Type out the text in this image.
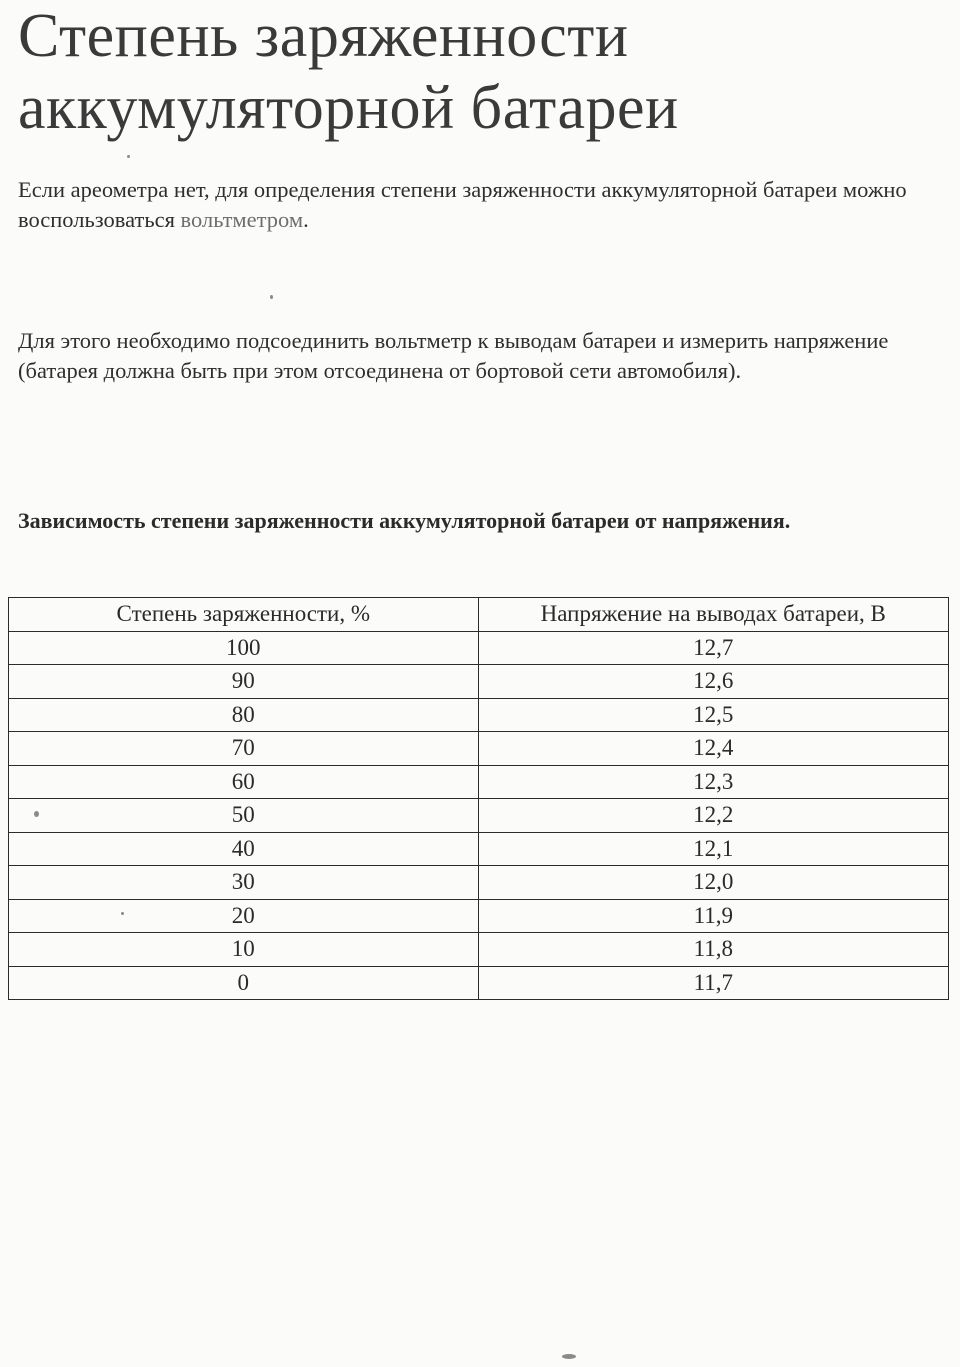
Степень заряженности
аккумуляторной батареи

Если ареометра нет, для определения степени заряженности аккумуляторной батареи можно воспользоваться вольтметром.

Для этого необходимо подсоединить вольтметр к выводам батареи и измерить напряжение (батарея должна быть при этом отсоединена от бортовой сети автомобиля).

Зависимость степени заряженности аккумуляторной батареи от напряжения.
Степень заряженности, %	Напряжение на выводах батареи, В
100	12,7
90	12,6
80	12,5
70	12,4
60	12,3
50	12,2
40	12,1
30	12,0
20	11,9
10	11,8
0	11,7
